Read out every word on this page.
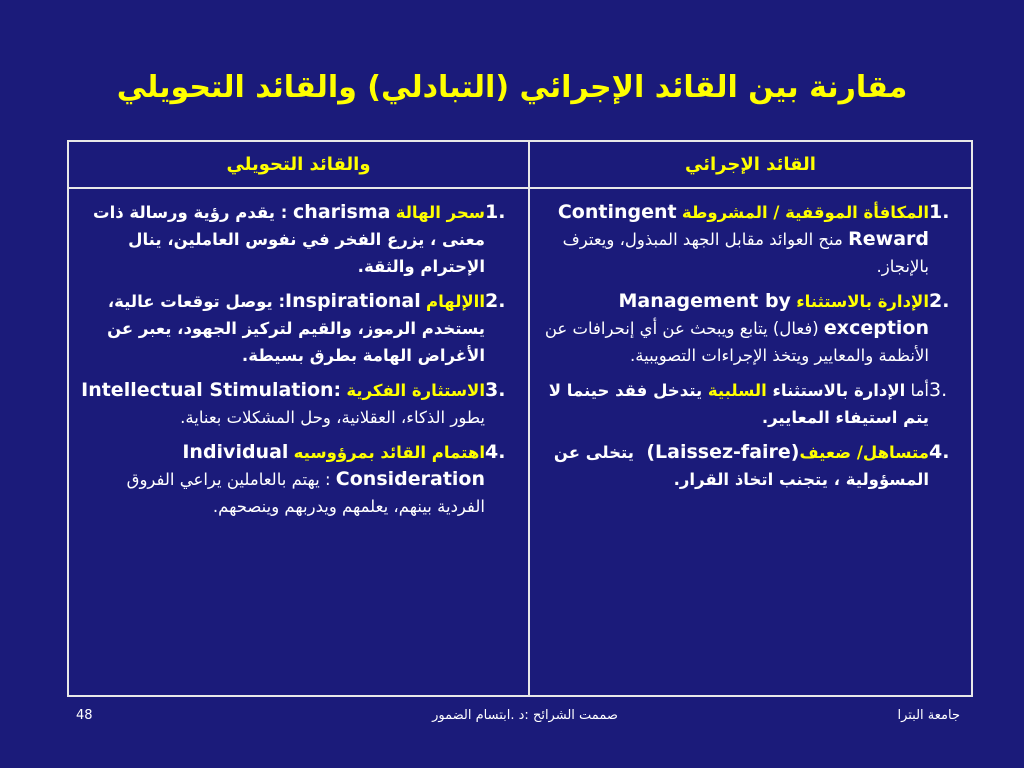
مقارنة بين القائد الإجرائي (التبادلي) والقائد التحويلي
القائد الإجرائي
والقائد التحويلي
1.
المكافأة الموقفية / المشروطة Contingent Reward منح العوائد مقابل الجهد المبذول، ويعترف بالإنجاز.
2.
الإدارة بالاستثناء Management by exception (فعال) يتابع ويبحث عن أي إنحرافات عن الأنظمة والمعايير ويتخذ الإجراءات التصويبية.
3.
أما الإدارة بالاستثناء السلبية يتدخل فقد حينما لا يتم استيفاء المعايير.
4.
متساهل/ ضعيف (Laissez-faire) يتخلى عن المسؤولية ، يتجنب اتخاذ القرار.
1.
سحر الهالة charisma : يقدم رؤية ورسالة ذات معنى ، يزرع الفخر في نفوس العاملين، ينال الإحترام والثقة.
2.
االإلهام Inspirational: يوصل توقعات عالية، يستخدم الرموز، والقيم لتركيز الجهود، يعبر عن الأغراض الهامة بطرق بسيطة.
3.
الاستثارة الفكرية Intellectual Stimulation: يطور الذكاء، العقلانية، وحل المشكلات بعناية.
4.
اهتمام القائد بمرؤوسيه Individual Consideration : يهتم بالعاملين يراعي الفروق الفردية بينهم، يعلمهم ويدربهم وينصحهم.
48	صممت الشرائح :د .ابتسام الضمور	جامعة البترا
